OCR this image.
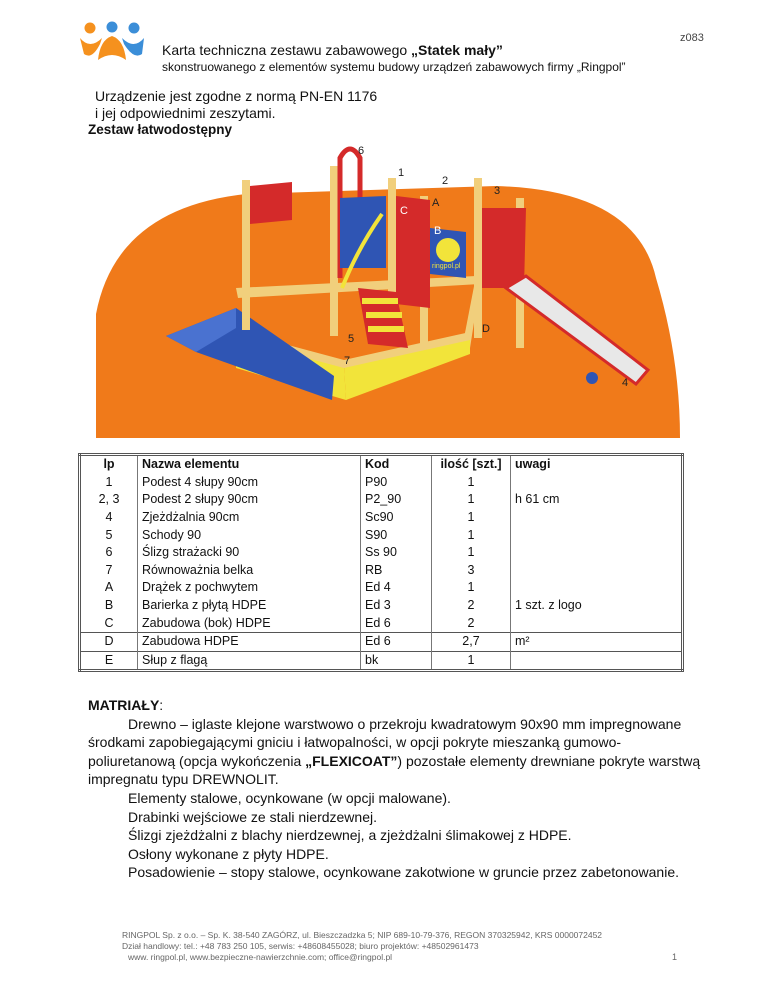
z083
Karta techniczna zestawu zabawowego „Statek mały”
skonstruowanego z elementów systemu budowy urządzeń zabawowych firmy „Ringpol”
Urządzenie jest zgodne z normą PN-EN 1176
i jej odpowiednimi zeszytami.
Zestaw łatwodostępny
6
1
2
3
C
A
B
D
5
7
4
ringpol.pl
lp	Nazwa elementu	Kod	ilość [szt.]	uwagi
1	Podest 4 słupy 90cm	P90	1	
2, 3	Podest 2 słupy 90cm	P2_90	1	h 61 cm
4	Zjeżdżalnia 90cm	Sc90	1	
5	Schody 90	S90	1	
6	Ślizg strażacki 90	Ss 90	1	
7	Równoważnia belka	RB	3	
A	Drążek z pochwytem	Ed 4	1	
B	Barierka z płytą HDPE	Ed 3	2	1 szt. z logo
C	Zabudowa (bok) HDPE	Ed 6	2	
D	Zabudowa HDPE	Ed 6	2,7	m²
E	Słup z flagą	bk	1	

MATRIAŁY:

Drewno – iglaste klejone warstwowo o przekroju kwadratowym 90x90 mm impregnowane środkami zapobiegającymi gniciu i łatwopalności, w opcji pokryte mieszanką gumowo-poliuretanową (opcja wykończenia „FLEXICOAT”) pozostałe elementy drewniane pokryte warstwą impregnatu typu DREWNOLIT.

Elementy stalowe, ocynkowane (w opcji malowane).

Drabinki wejściowe ze stali nierdzewnej.

Ślizgi zjeżdżalni z blachy nierdzewnej, a zjeżdżalni ślimakowej z HDPE.

Osłony wykonane z płyty HDPE.

Posadowienie – stopy stalowe, ocynkowane zakotwione w gruncie przez zabetonowanie.

RINGPOL Sp. z o.o. – Sp. K. 38-540 ZAGÓRZ, ul. Bieszczadzka 5; NIP 689-10-79-376, REGON 370325942, KRS 0000072452
Dział handlowy: tel.: +48 783 250 105, serwis: +48608455028; biuro projektów: +48502961473
www. ringpol.pl, www.bezpieczne-nawierzchnie.com; office@ringpol.pl	1
